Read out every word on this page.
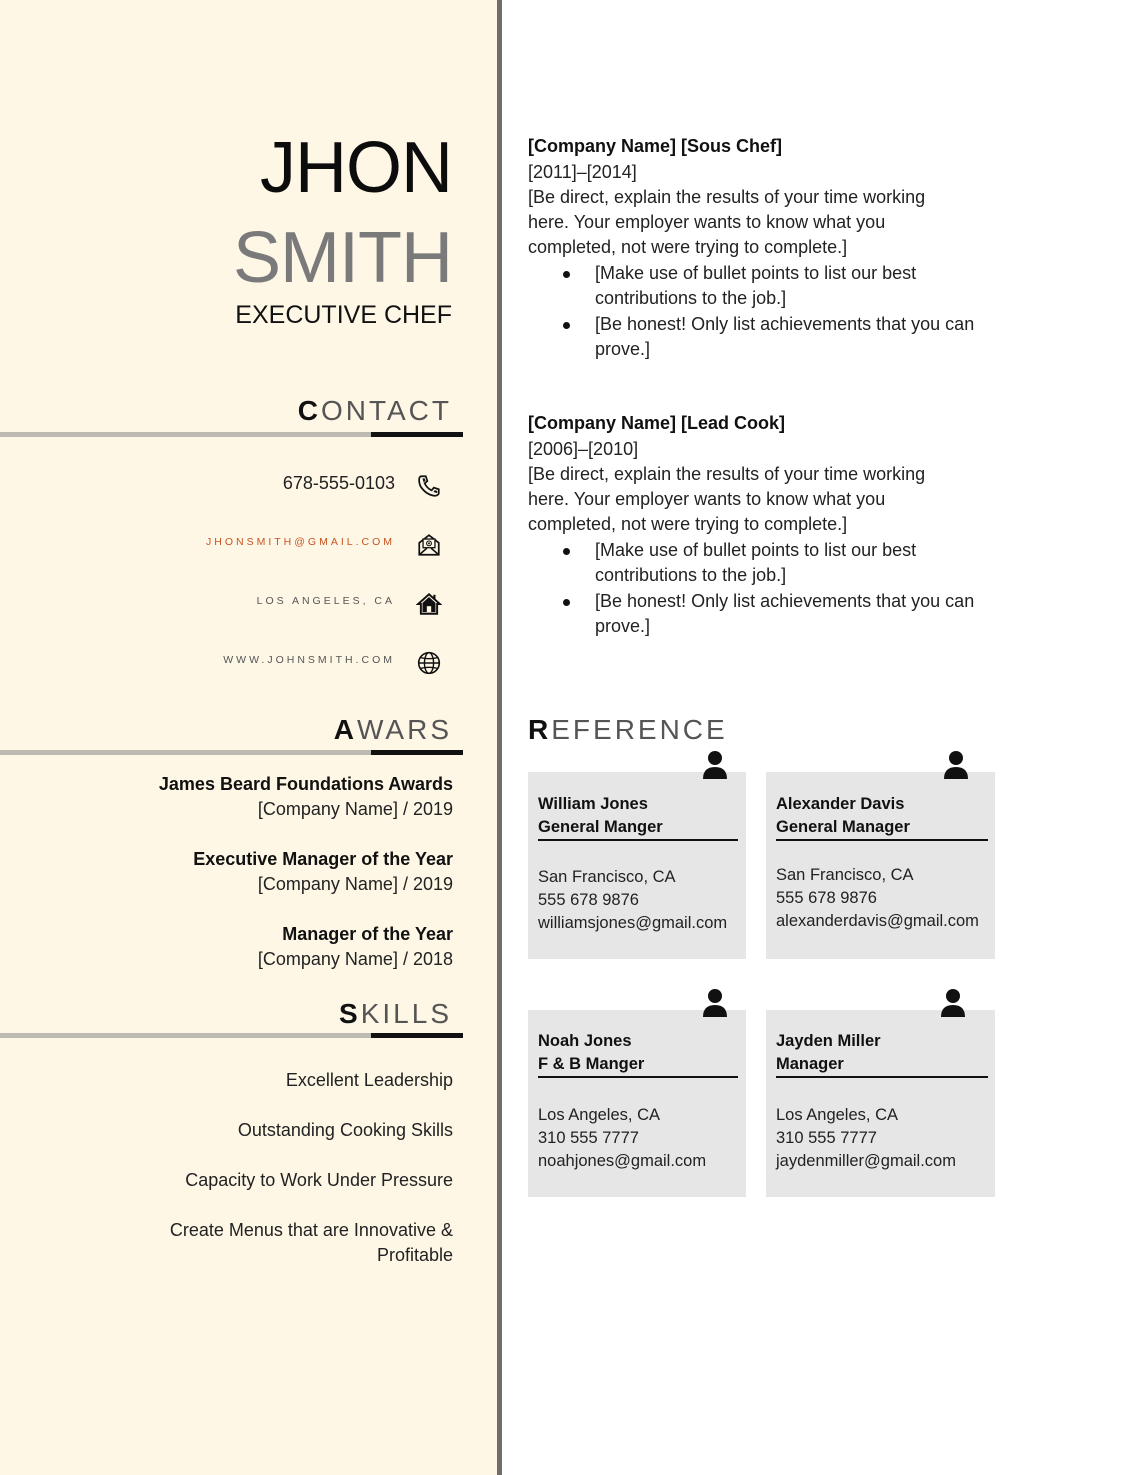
JHON
SMITH
EXECUTIVE CHEF
CONTACT
678-555-0103
JHONSMITH@GMAIL.COM
LOS ANGELES, CA
WWW.JOHNSMITH.COM
AWARS
James Beard Foundations Awards
[Company Name] / 2019
Executive Manager of the Year
[Company Name] / 2019
Manager of the Year
[Company Name] / 2018
SKILLS
Excellent Leadership
Outstanding Cooking Skills
Capacity to Work Under Pressure
Create Menus that are Innovative &
Profitable
[Company Name] [Sous Chef]
[2011]–[2014]
[Be direct, explain the results of your time working
here. Your employer wants to know what you
completed, not were trying to complete.]
[Make use of bullet points to list our best
contributions to the job.]
[Be honest! Only list achievements that you can
prove.]
[Company Name] [Lead Cook]
[2006]–[2010]
[Be direct, explain the results of your time working
here. Your employer wants to know what you
completed, not were trying to complete.]
[Make use of bullet points to list our best
contributions to the job.]
[Be honest! Only list achievements that you can
prove.]
REFERENCE
William Jones
General Manger
San Francisco, CA
555 678 9876
williamsjones@gmail.com
Alexander Davis
General Manager
San Francisco, CA
555 678 9876
alexanderdavis@gmail.com
Noah Jones
F & B Manger
Los Angeles, CA
310 555 7777
noahjones@gmail.com
Jayden Miller
Manager
Los Angeles, CA
310 555 7777
jaydenmiller@gmail.com
